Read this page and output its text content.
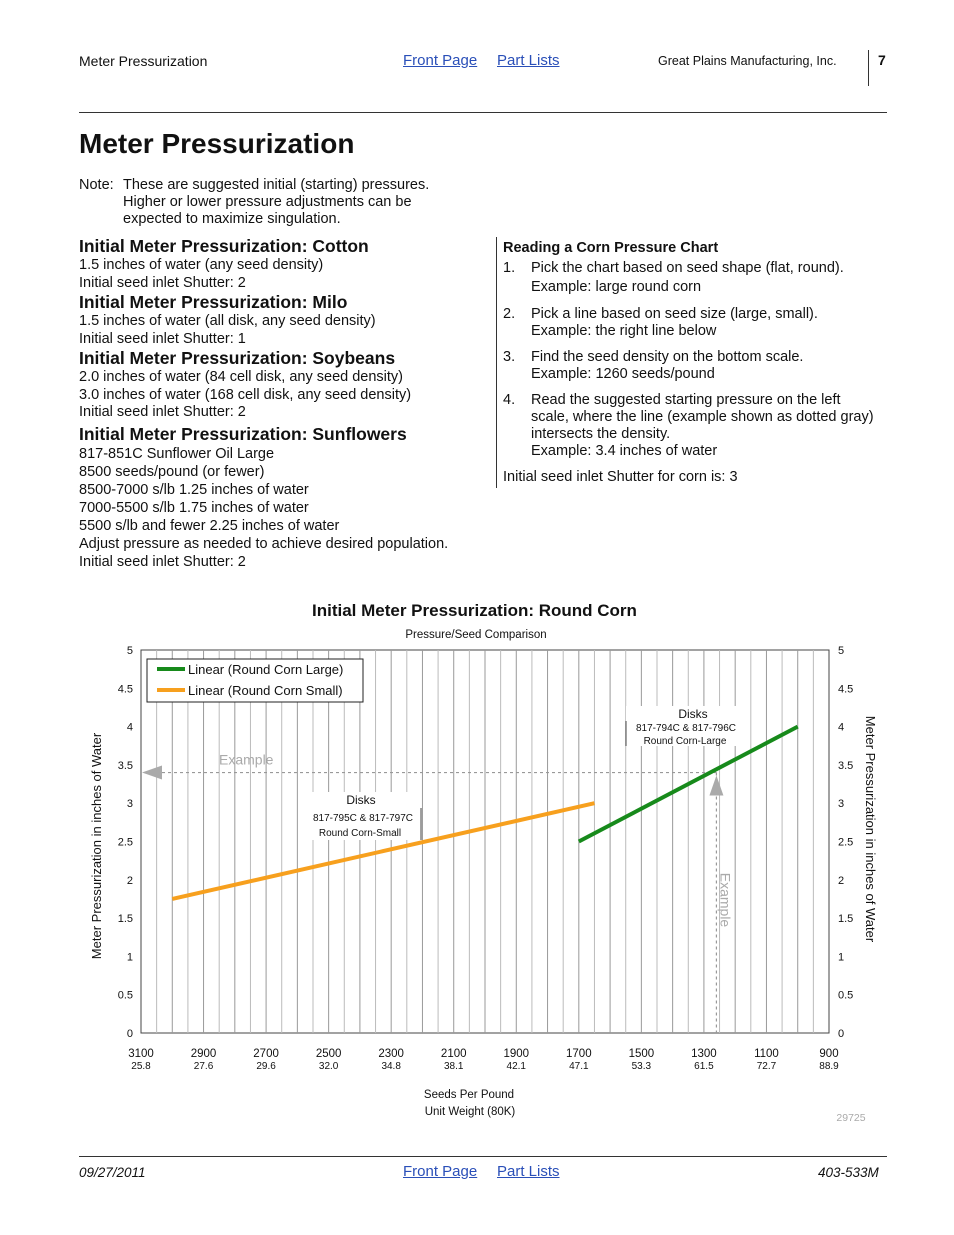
Meter Pressurization	Front Page Part Lists	Great Plains Manufacturing, Inc.	7
Meter Pressurization
Note: These are suggested initial (starting) pressures.
Higher or lower pressure adjustments can be
expected to maximize singulation.
Initial Meter Pressurization: Cotton
1.5 inches of water (any seed density)
Initial seed inlet Shutter: 2
Initial Meter Pressurization: Milo
1.5 inches of water (all disk, any seed density)
Initial seed inlet Shutter: 1
Initial Meter Pressurization: Soybeans
2.0 inches of water (84 cell disk, any seed density)
3.0 inches of water (168 cell disk, any seed density)
Initial seed inlet Shutter: 2
Initial Meter Pressurization: Sunflowers
817-851C Sunflower Oil Large
8500 seeds/pound (or fewer)
8500-7000 s/lb 1.25 inches of water
7000-5500 s/lb 1.75 inches of water
5500 s/lb and fewer 2.25 inches of water
Adjust pressure as needed to achieve desired population.
Initial seed inlet Shutter: 2
Reading a Corn Pressure Chart
1. Pick the chart based on seed shape (flat, round).
Example: large round corn
2. Pick a line based on seed size (large, small).
Example: the right line below
3. Find the seed density on the bottom scale.
Example: 1260 seeds/pound
4. Read the suggested starting pressure on the left scale, where the line (example shown as dotted gray) intersects the density.
Example: 3.4 inches of water
Initial seed inlet Shutter for corn is: 3
Initial Meter Pressurization: Round Corn
Pressure/Seed Comparison
0	0
0.5	0.5
1	1
1.5	1.5
2	2
2.5	2.5
3	3
3.5	3.5
4	4
4.5	4.5
5	5
3100
25.8
2900
27.6
2700
29.6
2500
32.0
2300
34.8
2100
38.1
1900
42.1
1700
47.1
1500
53.3
1300
61.5
1100
72.7
900
88.9
Seeds Per Pound
Unit Weight (80K)
Meter Pressurization in inches of Water	Meter Pressurization in inches of Water
Example
Example
Disks
817-794C & 817-796C
Round Corn-Large
Disks
817-795C & 817-797C
Round Corn-Small
Linear (Round Corn Large)
Linear (Round Corn Small)
29725
09/27/2011	Front Page Part Lists	403-533M
